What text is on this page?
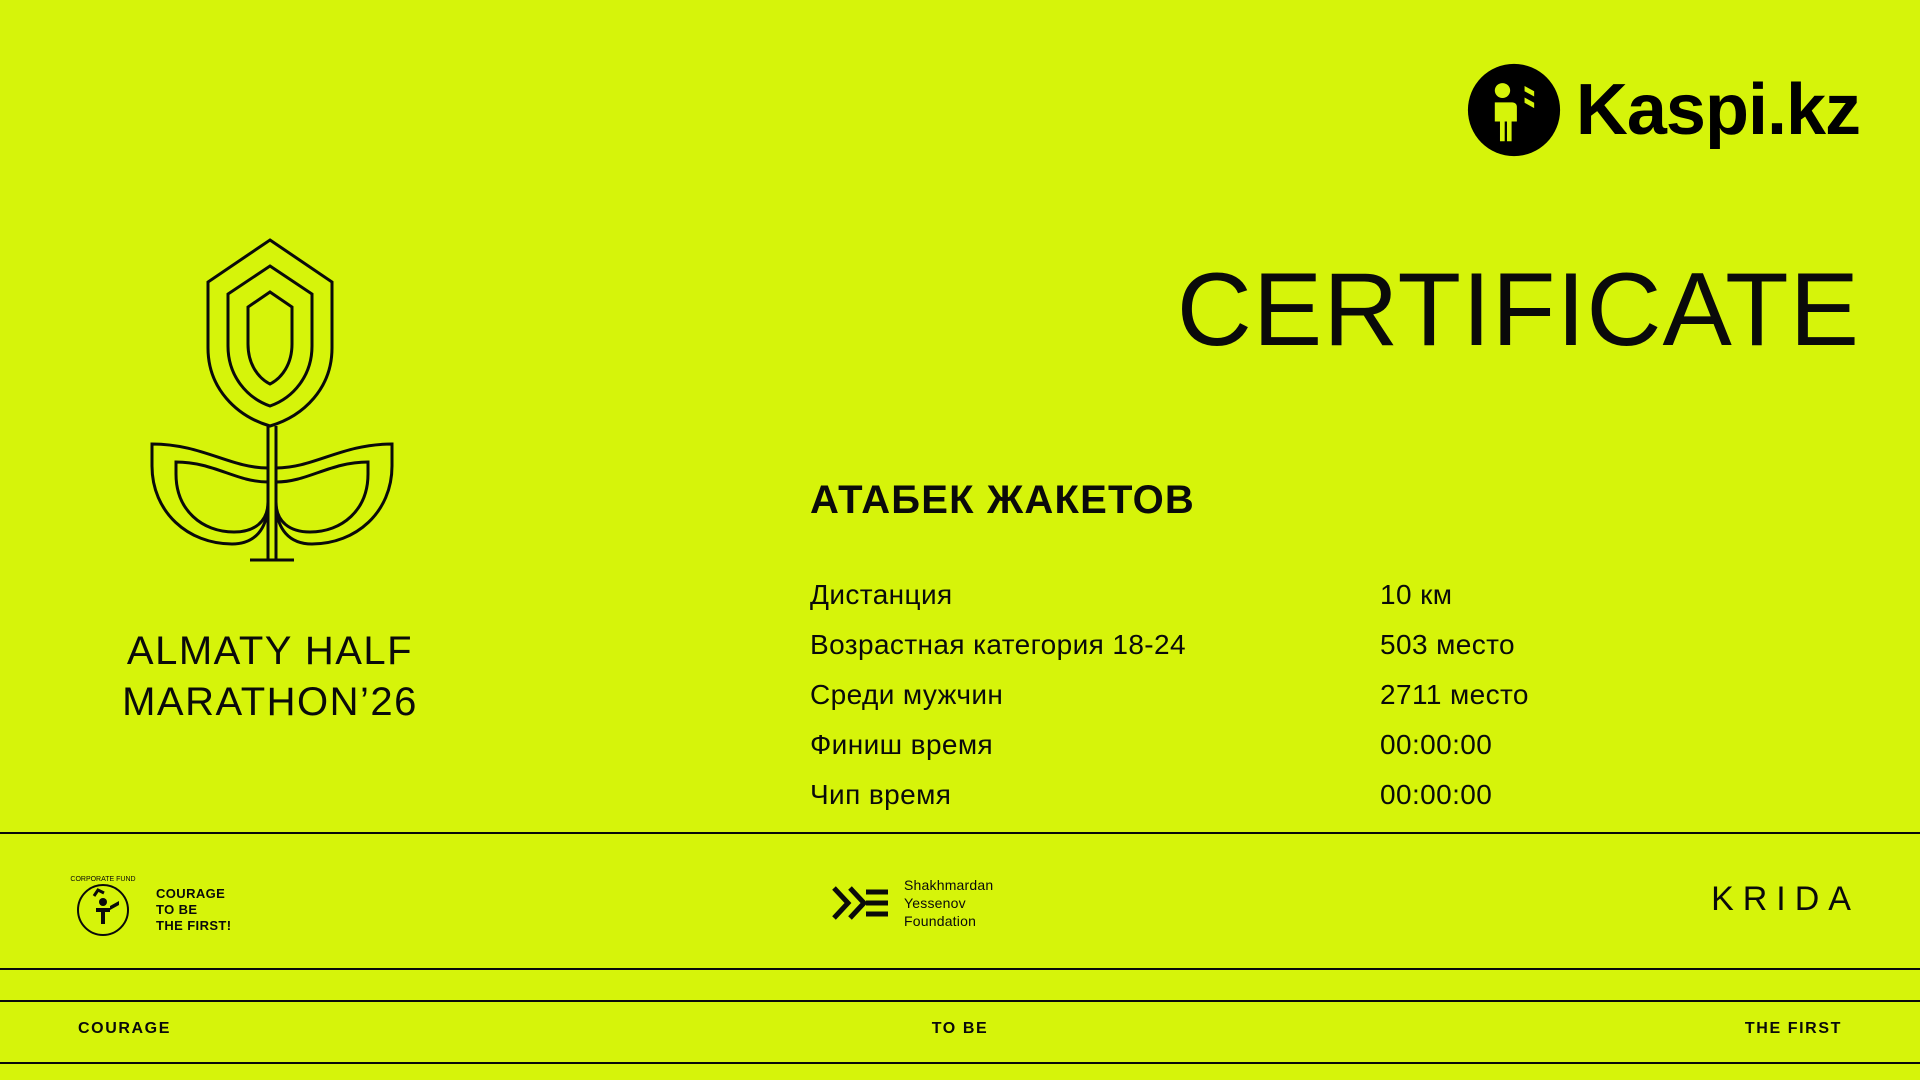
Kaspi.kz
ALMATY HALF
MARATHON’26
CERTIFICATE
АТАБЕК ЖАКЕТОВ
Дистанция	10 км
Возрастная категория 18-24	503 место
Среди мужчин	2711 место
Финиш время	00:00:00
Чип время	00:00:00
CORPORATE FUND
COURAGE
TO BE
THE FIRST!
Shakhmardan
Yessenov
Foundation
KRIDA
COURAGE	TO BE	THE FIRST
